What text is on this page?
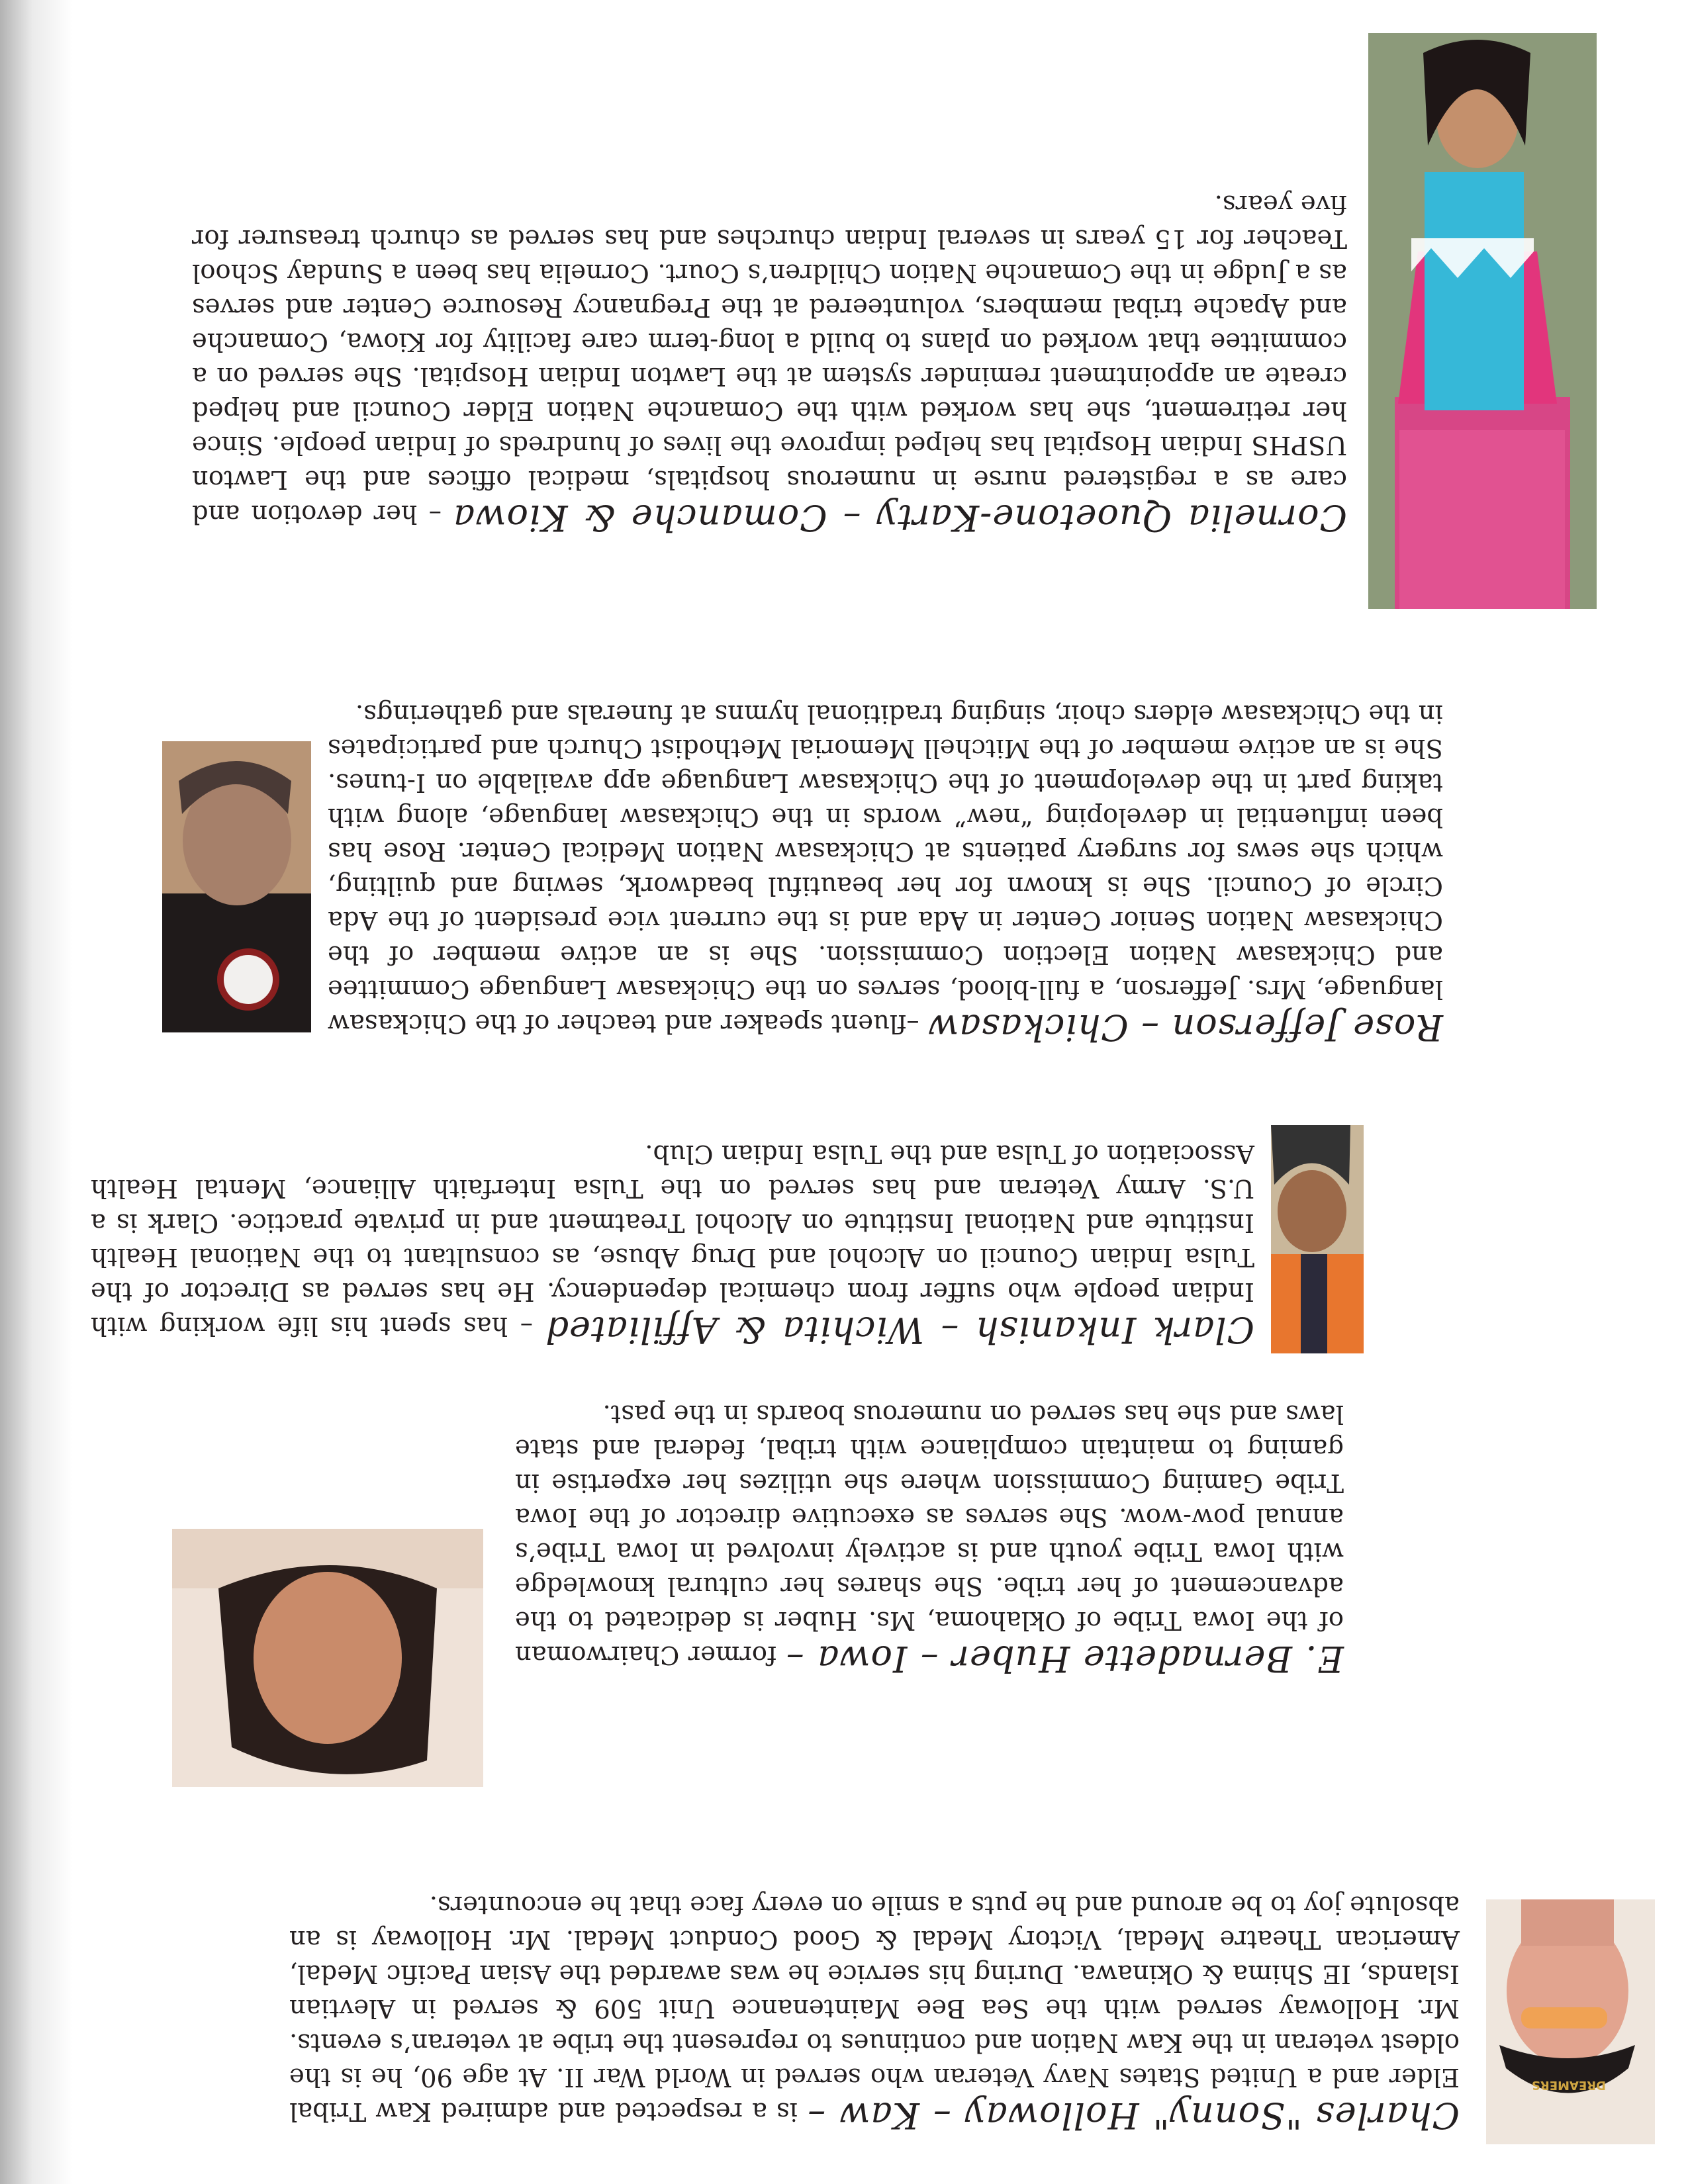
DREAMERS

Charles "Sonny" Holloway – Kaw – is a respected and admired Kaw Tribal Elder and a United States Navy Veteran who served in World War II. At age 90, he is the oldest veteran in the Kaw Nation and continues to represent the tribe at veteran’s events. Mr. Holloway served with the Sea Bee Maintenance Unit 509 & served in Alevtian Islands, IE Shima & Okinawa. During his service he was awarded the Asian Pacific Medal, American Theatre Medal, Victory Medal & Good Conduct Medal. Mr. Holloway is an absolute joy to be around and he puts a smile on every face that he encounters.

E. Bernadette Huber – Iowa – former Chairwoman of the Iowa Tribe of Oklahoma, Ms. Huber is dedicated to the advancement of her tribe. She shares her cultural knowledge with Iowa Tribe youth and is actively involved in Iowa Tribe’s annual pow-wow. She serves as executive director of the Iowa Tribe Gaming Commission where she utilizes her expertise in gaming to maintain compliance with tribal, federal and state laws and she has served on numerous boards in the past.

Clark Inkanish – Wichita & Affiliated – has spent his life working with Indian people who suffer from chemical dependency. He has served as Director of the Tulsa Indian Council on Alcohol and Drug Abuse, as consultant to the National Health Institute and National Institute on Alcohol Treatment and in private practice. Clark is a U.S. Army Veteran and has served on the Tulsa Interfaith Alliance, Mental Health Association of Tulsa and the Tulsa Indian Club.

Rose Jefferson – Chickasaw –fluent speaker and teacher of the Chickasaw language, Mrs. Jefferson, a full-blood, serves on the Chickasaw Language Committee and Chickasaw Nation Election Commission. She is an active member of the Chickasaw Nation Senior Center in Ada and is the current vice president of the Ada Circle of Council. She is known for her beautiful beadwork, sewing and quilting, which she sews for surgery patients at Chickasaw Nation Medical Center. Rose has been influential in developing “new” words in the Chickasaw language, along with taking part in the development of the Chickasaw Language app available on I-tunes. She is an active member of the Mitchell Memorial Methodist Church and participates in the Chickasaw elders choir, singing traditional hymns at funerals and gatherings.

Cornelia Quoetone-Karty – Comanche & Kiowa – her devotion and care as a registered nurse in numerous hospitals, medical offices and the Lawton USPHS Indian Hospital has helped improve the lives of hundreds of Indian people. Since her retirement, she has worked with the Comanche Nation Elder Council and helped create an appointment reminder system at the Lawton Indian Hospital. She served on a committee that worked on plans to build a long-term care facility for Kiowa, Comanche and Apache tribal members, volunteered at the Pregnancy Resource Center and serves as a Judge in the Comanche Nation Children’s Court. Cornelia has been a Sunday School Teacher for 15 years in several Indian churches and has served as church treasurer for five years.
